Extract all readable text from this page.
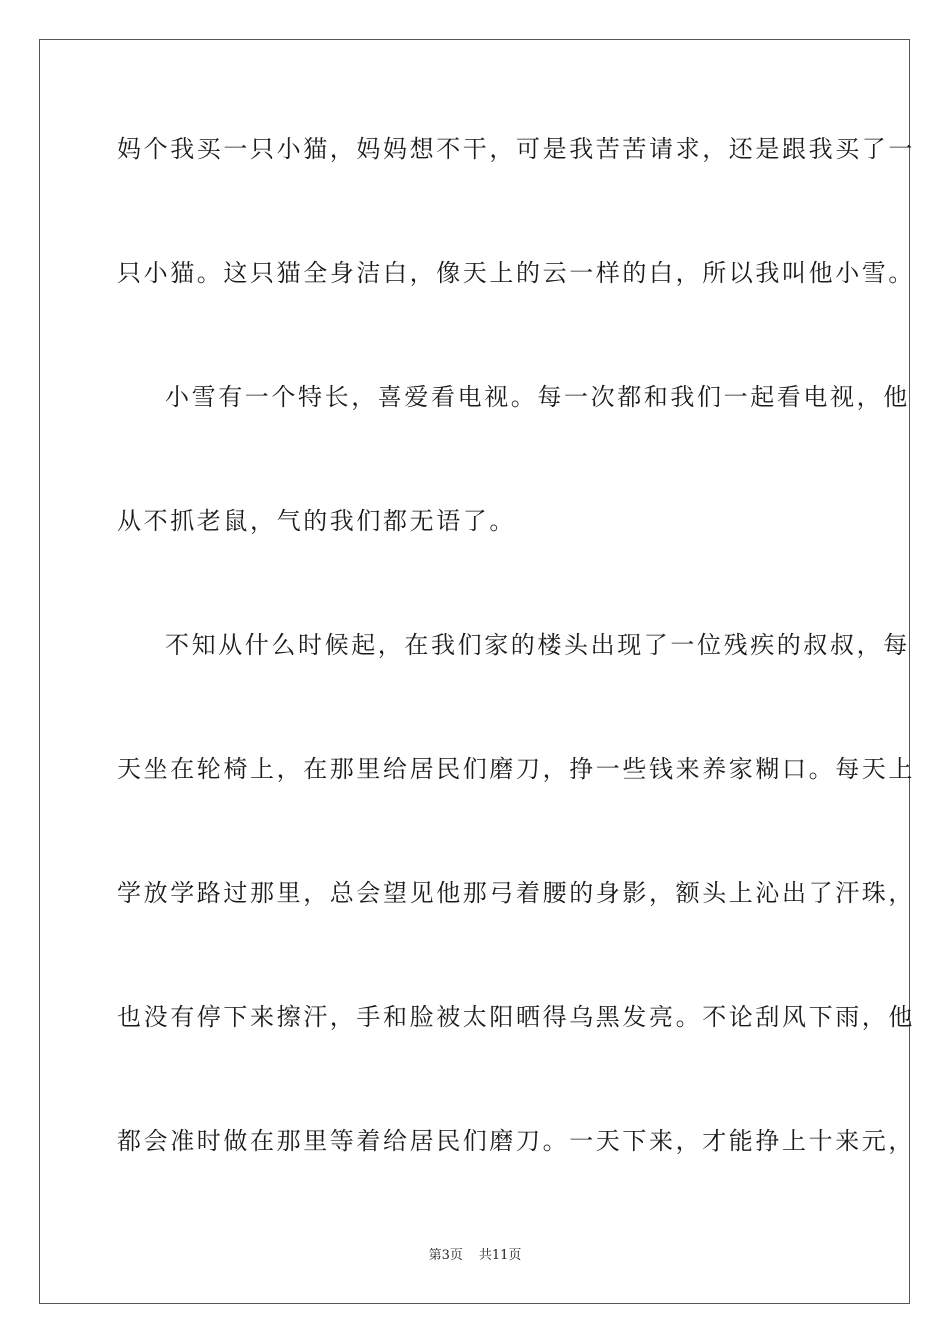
妈个我买一只小猫，妈妈想不干，可是我苦苦请求，还是跟我买了一
只小猫。这只猫全身洁白，像天上的云一样的白，所以我叫他小雪。
小雪有一个特长，喜爱看电视。每一次都和我们一起看电视，他
从不抓老鼠，气的我们都无语了。
不知从什么时候起，在我们家的楼头出现了一位残疾的叔叔，每
天坐在轮椅上，在那里给居民们磨刀，挣一些钱来养家糊口。每天上
学放学路过那里，总会望见他那弓着腰的身影，额头上沁出了汗珠，
也没有停下来擦汗，手和脸被太阳晒得乌黑发亮。不论刮风下雨，他
都会准时做在那里等着给居民们磨刀。一天下来，才能挣上十来元，
第3页 共11页
